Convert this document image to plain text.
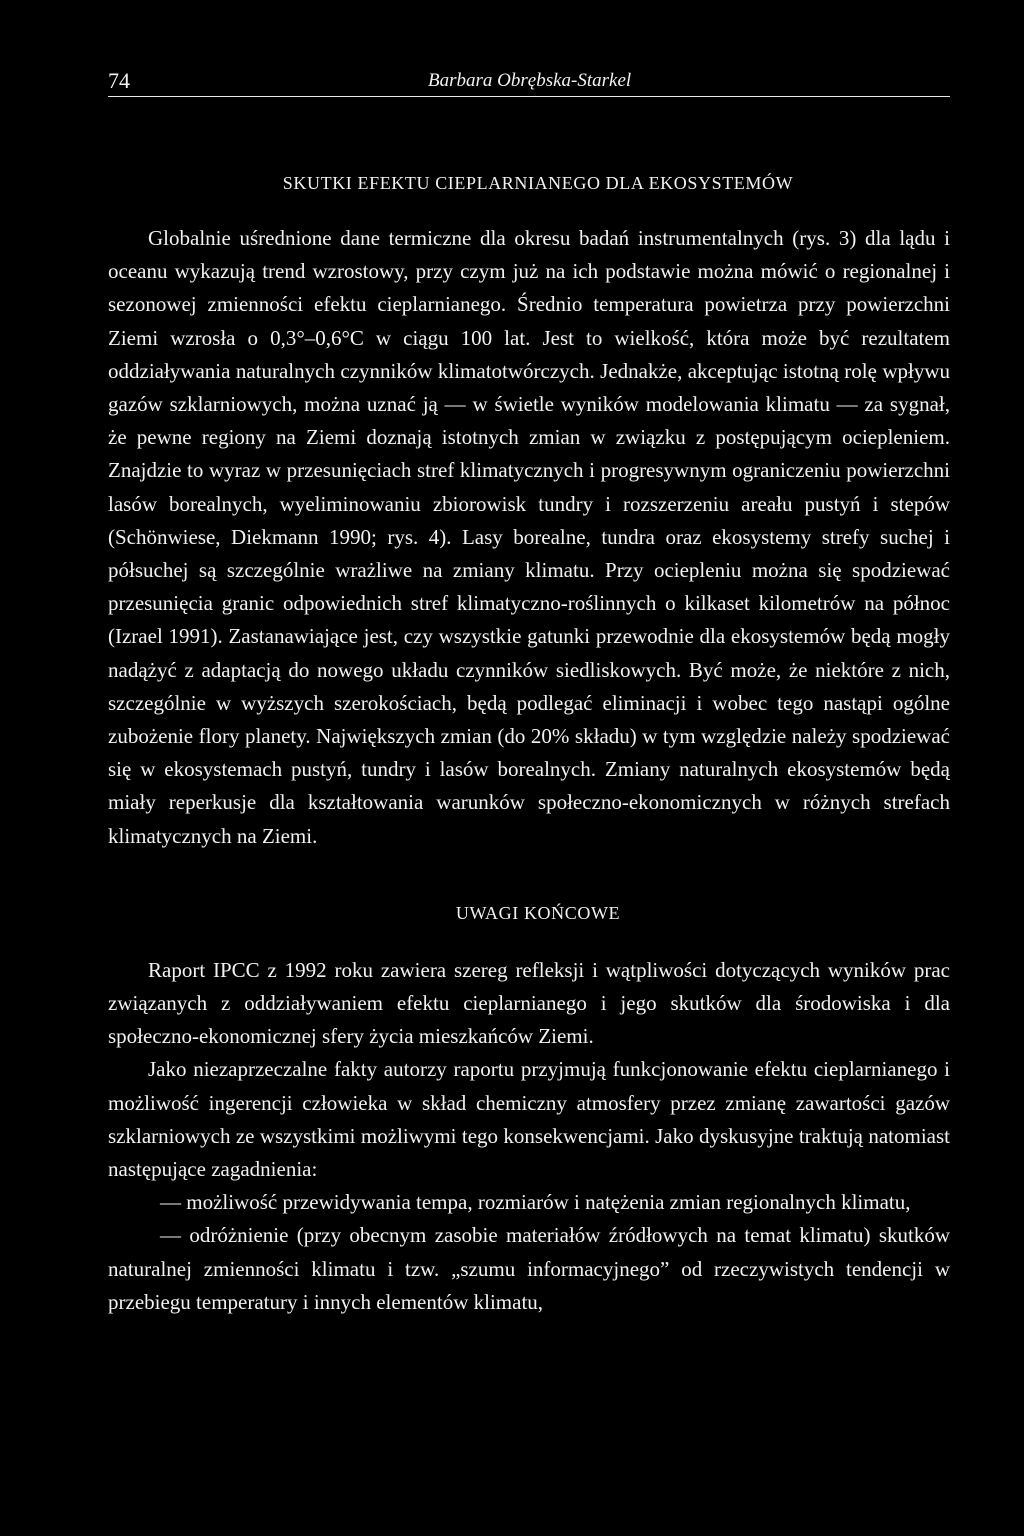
74	Barbara Obrębska-Starkel
SKUTKI EFEKTU CIEPLARNIANEGO DLA EKOSYSTEMÓW

Globalnie uśrednione dane termiczne dla okresu badań instrumentalnych (rys. 3) dla lądu i oceanu wykazują trend wzrostowy, przy czym już na ich podstawie można mówić o regionalnej i sezonowej zmienności efektu cieplarnianego. Średnio temperatura powietrza przy powierzchni Ziemi wzrosła o 0,3°–0,6°C w ciągu 100 lat. Jest to wielkość, która może być rezultatem oddziaływania naturalnych czynników klimatotwórczych. Jednakże, akceptując istotną rolę wpływu gazów szklarniowych, można uznać ją — w świetle wyników modelowania klimatu — za sygnał, że pewne regiony na Ziemi doznają istotnych zmian w związku z postępującym ociepleniem. Znajdzie to wyraz w przesunięciach stref klimatycznych i progresywnym ograniczeniu powierzchni lasów borealnych, wyeliminowaniu zbiorowisk tundry i rozszerzeniu areału pustyń i stepów (Schönwiese, Diekmann 1990; rys. 4). Lasy borealne, tundra oraz ekosystemy strefy suchej i półsuchej są szczególnie wrażliwe na zmiany klimatu. Przy ociepleniu można się spodziewać przesunięcia granic odpowiednich stref klimatyczno-roślinnych o kilkaset kilometrów na północ (Izrael 1991). Zastanawiające jest, czy wszystkie gatunki przewodnie dla ekosystemów będą mogły nadążyć z adaptacją do nowego układu czynników siedliskowych. Być może, że niektóre z nich, szczególnie w wyższych szerokościach, będą podlegać eliminacji i wobec tego nastąpi ogólne zubożenie flory planety. Największych zmian (do 20% składu) w tym względzie należy spodziewać się w ekosystemach pustyń, tundry i lasów borealnych. Zmiany naturalnych ekosystemów będą miały reperkusje dla kształtowania warunków społeczno-ekonomicznych w różnych strefach klimatycznych na Ziemi.

UWAGI KOŃCOWE

Raport IPCC z 1992 roku zawiera szereg refleksji i wątpliwości dotyczących wyników prac związanych z oddziaływaniem efektu cieplarnianego i jego skutków dla środowiska i dla społeczno-ekonomicznej sfery życia mieszkańców Ziemi.

Jako niezaprzeczalne fakty autorzy raportu przyjmują funkcjonowanie efektu cieplarnianego i możliwość ingerencji człowieka w skład chemiczny atmosfery przez zmianę zawartości gazów szklarniowych ze wszystkimi możliwymi tego konsekwencjami. Jako dyskusyjne traktują natomiast następujące zagadnienia:

— możliwość przewidywania tempa, rozmiarów i natężenia zmian regionalnych klimatu,

— odróżnienie (przy obecnym zasobie materiałów źródłowych na temat klimatu) skutków naturalnej zmienności klimatu i tzw. „szumu informacyjnego” od rzeczywistych tendencji w przebiegu temperatury i innych elementów klimatu,
